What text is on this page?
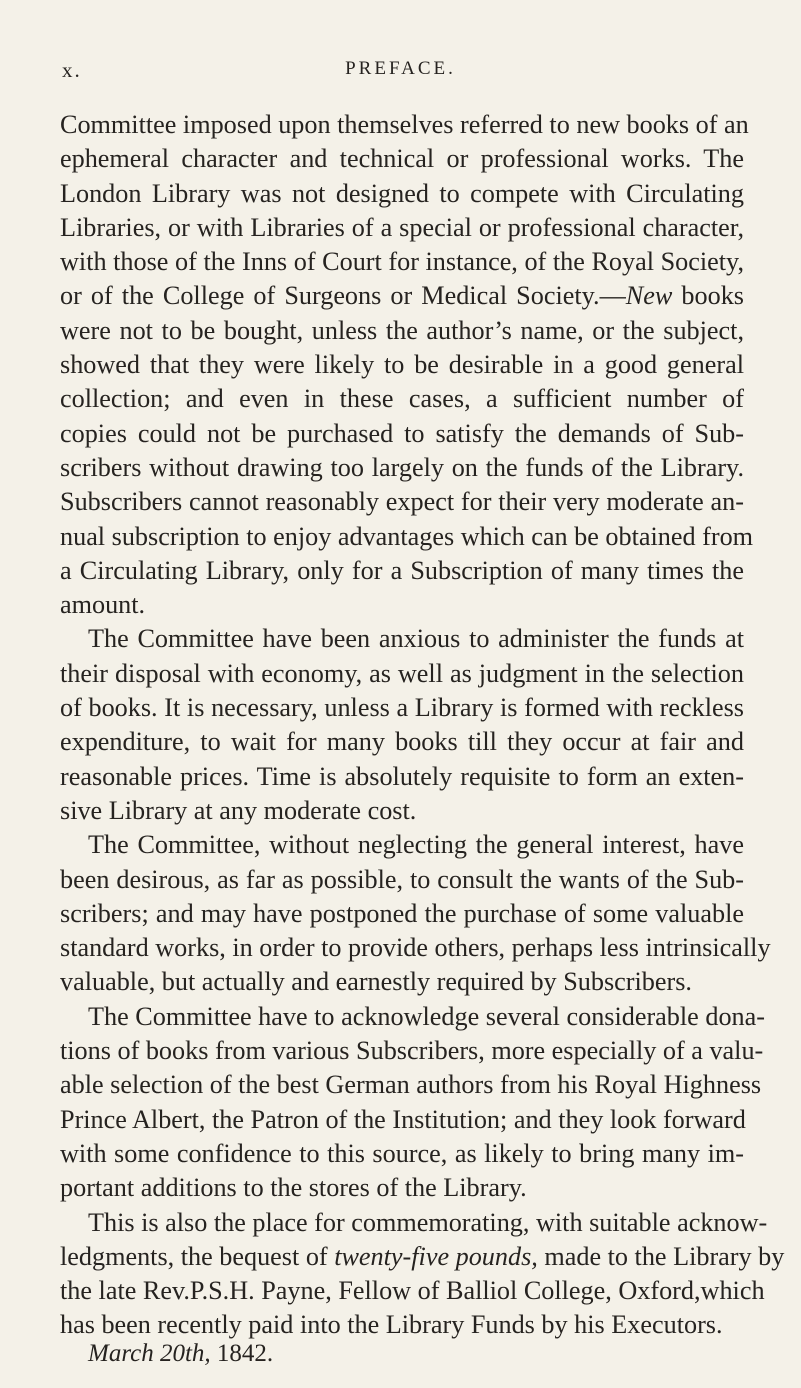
x.	PREFACE.
Committee imposed upon themselves referred to new books of an
ephemeral character and technical or professional works. The
London Library was not designed to compete with Circulating
Libraries, or with Libraries of a special or professional character,
with those of the Inns of Court for instance, of the Royal Society,
or of the College of Surgeons or Medical Society.—New books
were not to be bought, unless the author’s name, or the subject,
showed that they were likely to be desirable in a good general
collection; and even in these cases, a sufficient number of
copies could not be purchased to satisfy the demands of Sub-
scribers without drawing too largely on the funds of the Library.
Subscribers cannot reasonably expect for their very moderate an-
nual subscription to enjoy advantages which can be obtained from
a Circulating Library, only for a Subscription of many times the
amount.
The Committee have been anxious to administer the funds at
their disposal with economy, as well as judgment in the selection
of books. It is necessary, unless a Library is formed with reckless
expenditure, to wait for many books till they occur at fair and
reasonable prices. Time is absolutely requisite to form an exten-
sive Library at any moderate cost.
The Committee, without neglecting the general interest, have
been desirous, as far as possible, to consult the wants of the Sub-
scribers; and may have postponed the purchase of some valuable
standard works, in order to provide others, perhaps less intrinsically
valuable, but actually and earnestly required by Subscribers.
The Committee have to acknowledge several considerable dona-
tions of books from various Subscribers, more especially of a valu-
able selection of the best German authors from his Royal Highness
Prince Albert, the Patron of the Institution; and they look forward
with some confidence to this source, as likely to bring many im-
portant additions to the stores of the Library.
This is also the place for commemorating, with suitable acknow-
ledgments, the bequest of twenty-five pounds, made to the Library by
the late Rev.P.S.H. Payne, Fellow of Balliol College, Oxford,which
has been recently paid into the Library Funds by his Executors.
March 20th, 1842.
